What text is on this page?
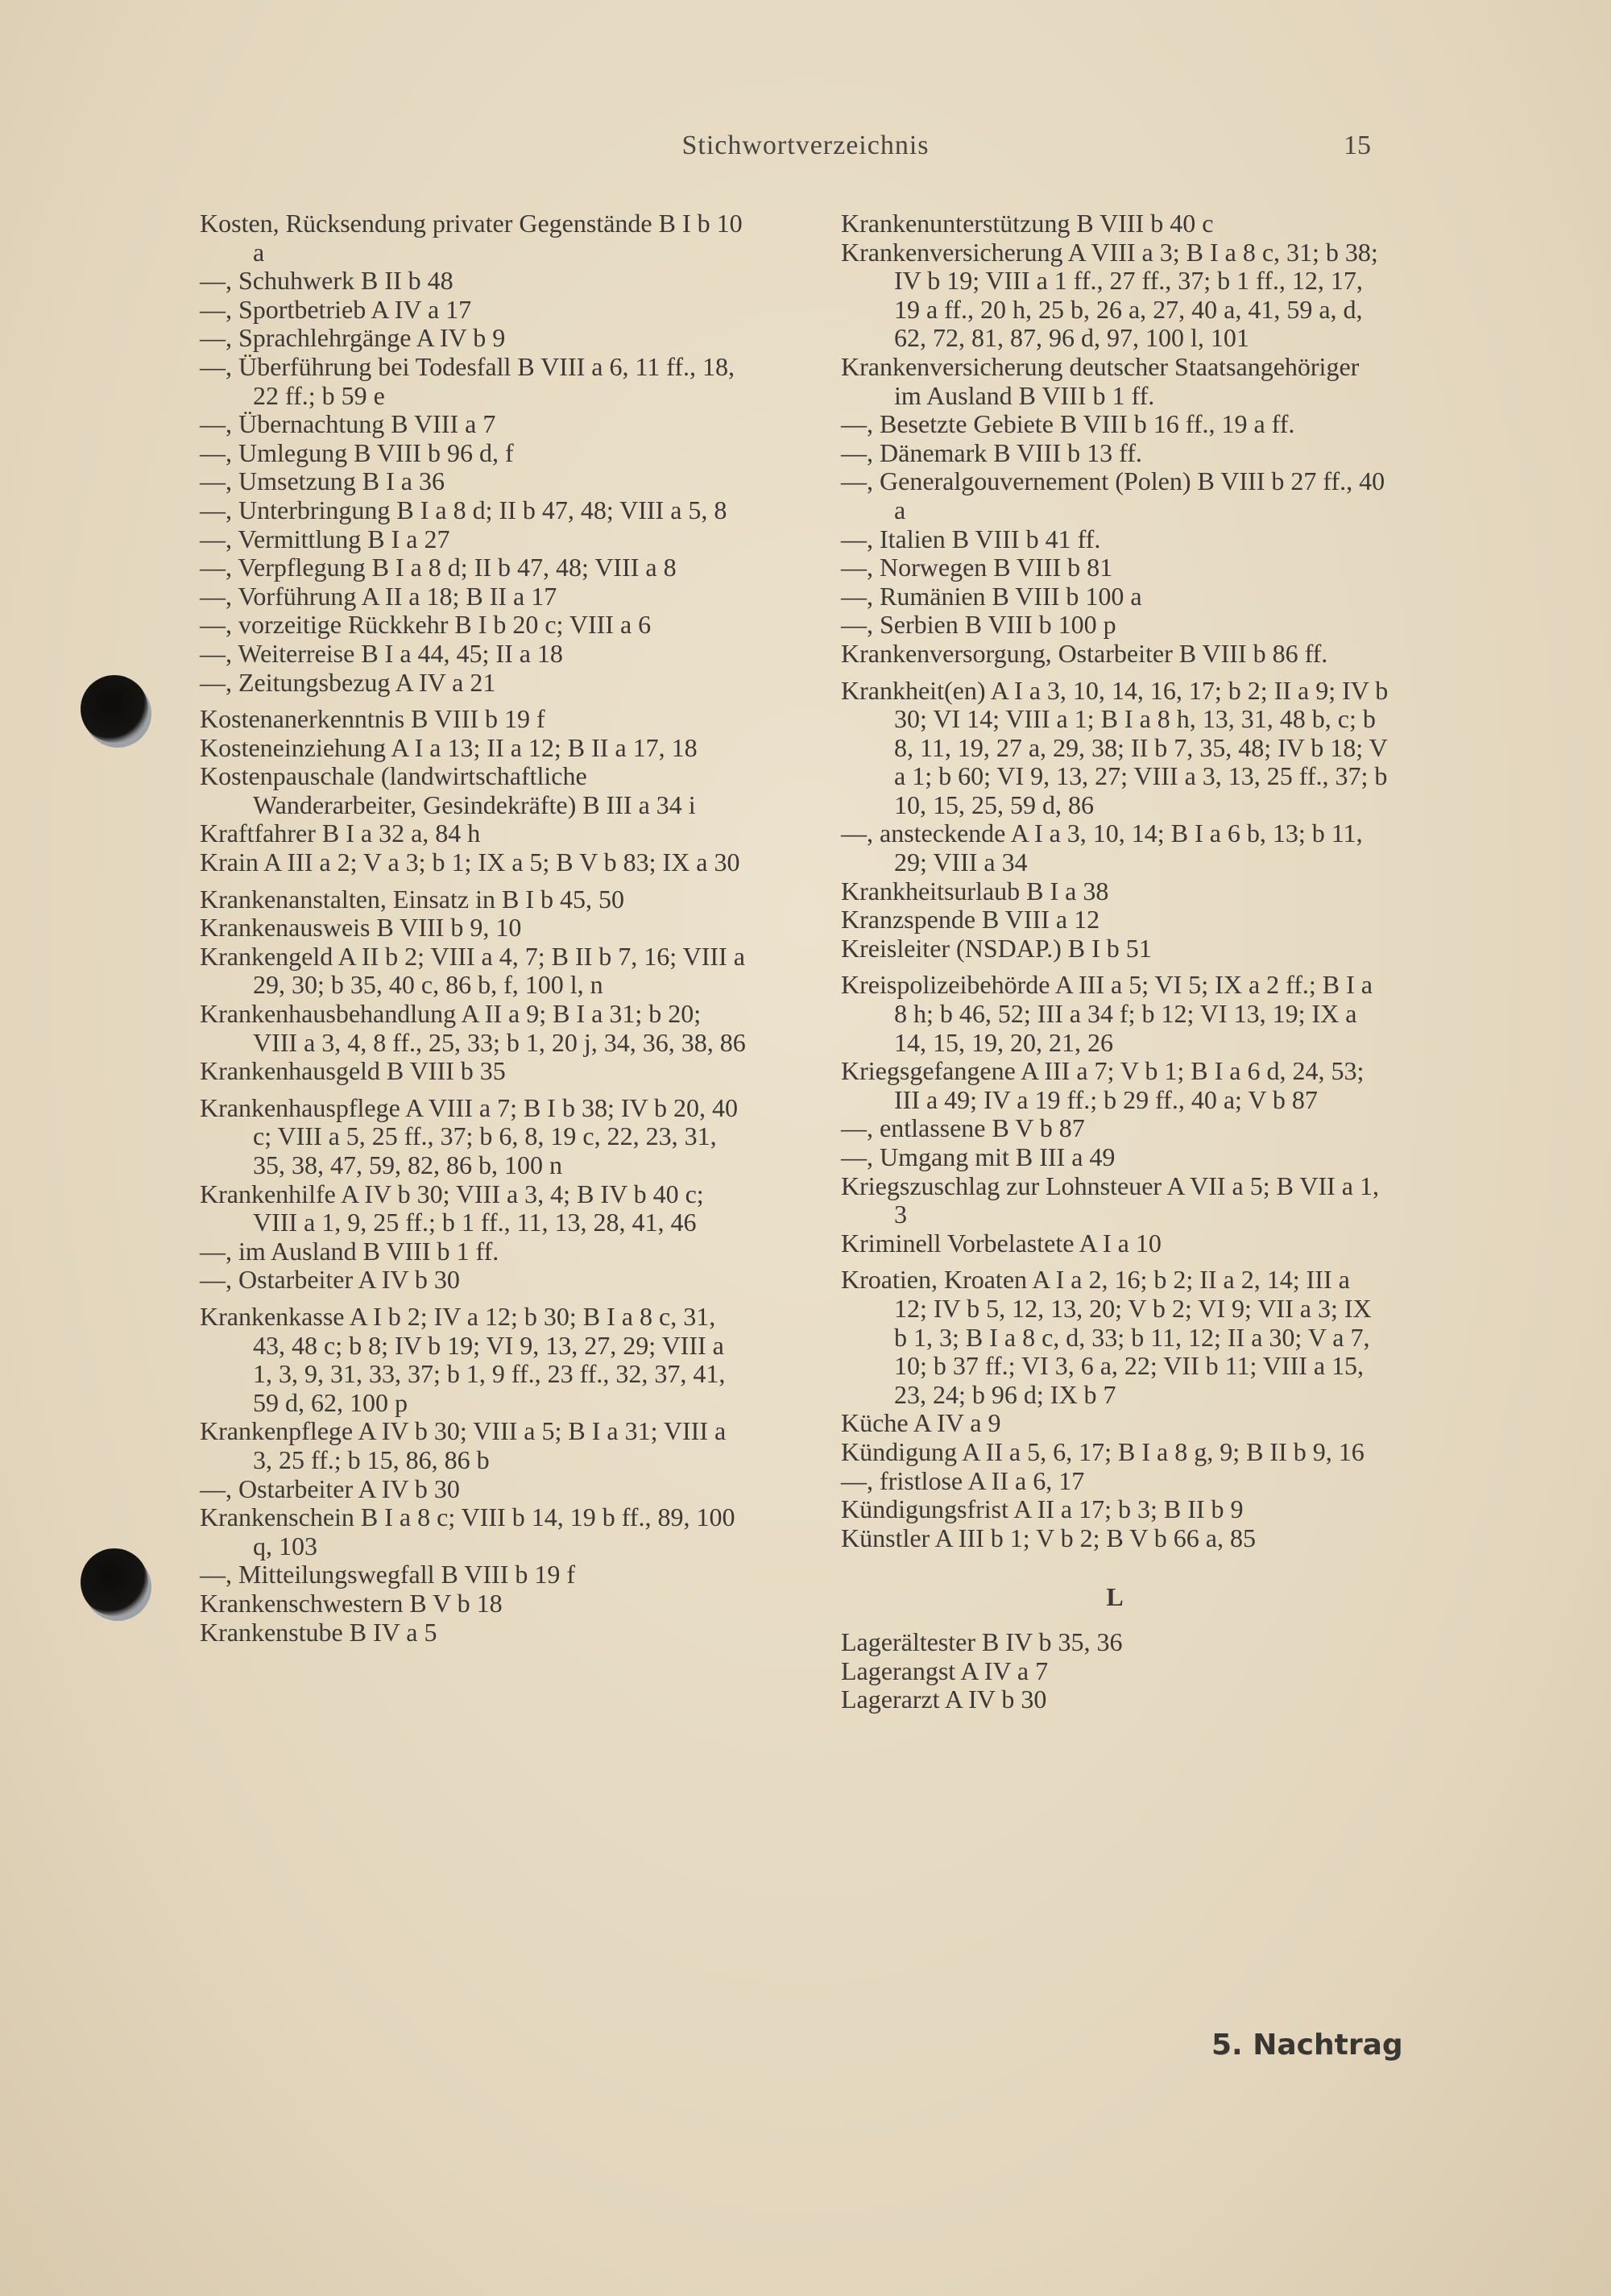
Stichwortverzeichnis	15

Kosten, Rücksendung privater Gegenstände B I b 10 a

—, Schuhwerk B II b 48

—, Sportbetrieb A IV a 17

—, Sprachlehrgänge A IV b 9

—, Überführung bei Todesfall B VIII a 6, 11 ff., 18, 22 ff.; b 59 e

—, Übernachtung B VIII a 7

—, Umlegung B VIII b 96 d, f

—, Umsetzung B I a 36

—, Unterbringung B I a 8 d; II b 47, 48; VIII a 5, 8

—, Vermittlung B I a 27

—, Verpflegung B I a 8 d; II b 47, 48; VIII a 8

—, Vorführung A II a 18; B II a 17

—, vorzeitige Rückkehr B I b 20 c; VIII a 6

—, Weiterreise B I a 44, 45; II a 18

—, Zeitungsbezug A IV a 21

Kostenanerkenntnis B VIII b 19 f

Kosteneinziehung A I a 13; II a 12; B II a 17, 18

Kostenpauschale (landwirtschaftliche Wanderarbeiter, Gesindekräfte) B III a 34 i

Kraftfahrer B I a 32 a, 84 h

Krain A III a 2; V a 3; b 1; IX a 5; B V b 83; IX a 30

Krankenanstalten, Einsatz in B I b 45, 50

Krankenausweis B VIII b 9, 10

Krankengeld A II b 2; VIII a 4, 7; B II b 7, 16; VIII a 29, 30; b 35, 40 c, 86 b, f, 100 l, n

Krankenhausbehandlung A II a 9; B I a 31; b 20; VIII a 3, 4, 8 ff., 25, 33; b 1, 20 j, 34, 36, 38, 86

Krankenhausgeld B VIII b 35

Krankenhauspflege A VIII a 7; B I b 38; IV b 20, 40 c; VIII a 5, 25 ff., 37; b 6, 8, 19 c, 22, 23, 31, 35, 38, 47, 59, 82, 86 b, 100 n

Krankenhilfe A IV b 30; VIII a 3, 4; B IV b 40 c; VIII a 1, 9, 25 ff.; b 1 ff., 11, 13, 28, 41, 46

—, im Ausland B VIII b 1 ff.

—, Ostarbeiter A IV b 30

Krankenkasse A I b 2; IV a 12; b 30; B I a 8 c, 31, 43, 48 c; b 8; IV b 19; VI 9, 13, 27, 29; VIII a 1, 3, 9, 31, 33, 37; b 1, 9 ff., 23 ff., 32, 37, 41, 59 d, 62, 100 p

Krankenpflege A IV b 30; VIII a 5; B I a 31; VIII a 3, 25 ff.; b 15, 86, 86 b

—, Ostarbeiter A IV b 30

Krankenschein B I a 8 c; VIII b 14, 19 b ff., 89, 100 q, 103

—, Mitteilungswegfall B VIII b 19 f

Krankenschwestern B V b 18

Krankenstube B IV a 5

Krankenunterstützung B VIII b 40 c

Krankenversicherung A VIII a 3; B I a 8 c, 31; b 38; IV b 19; VIII a 1 ff., 27 ff., 37; b 1 ff., 12, 17, 19 a ff., 20 h, 25 b, 26 a, 27, 40 a, 41, 59 a, d, 62, 72, 81, 87, 96 d, 97, 100 l, 101

Krankenversicherung deutscher Staatsangehöriger im Ausland B VIII b 1 ff.

—, Besetzte Gebiete B VIII b 16 ff., 19 a ff.

—, Dänemark B VIII b 13 ff.

—, Generalgouvernement (Polen) B VIII b 27 ff., 40 a

—, Italien B VIII b 41 ff.

—, Norwegen B VIII b 81

—, Rumänien B VIII b 100 a

—, Serbien B VIII b 100 p

Krankenversorgung, Ostarbeiter B VIII b 86 ff.

Krankheit(en) A I a 3, 10, 14, 16, 17; b 2; II a 9; IV b 30; VI 14; VIII a 1; B I a 8 h, 13, 31, 48 b, c; b 8, 11, 19, 27 a, 29, 38; II b 7, 35, 48; IV b 18; V a 1; b 60; VI 9, 13, 27; VIII a 3, 13, 25 ff., 37; b 10, 15, 25, 59 d, 86

—, ansteckende A I a 3, 10, 14; B I a 6 b, 13; b 11, 29; VIII a 34

Krankheitsurlaub B I a 38

Kranzspende B VIII a 12

Kreisleiter (NSDAP.) B I b 51

Kreispolizeibehörde A III a 5; VI 5; IX a 2 ff.; B I a 8 h; b 46, 52; III a 34 f; b 12; VI 13, 19; IX a 14, 15, 19, 20, 21, 26

Kriegsgefangene A III a 7; V b 1; B I a 6 d, 24, 53; III a 49; IV a 19 ff.; b 29 ff., 40 a; V b 87

—, entlassene B V b 87

—, Umgang mit B III a 49

Kriegszuschlag zur Lohnsteuer A VII a 5; B VII a 1, 3

Kriminell Vorbelastete A I a 10

Kroatien, Kroaten A I a 2, 16; b 2; II a 2, 14; III a 12; IV b 5, 12, 13, 20; V b 2; VI 9; VII a 3; IX b 1, 3; B I a 8 c, d, 33; b 11, 12; II a 30; V a 7, 10; b 37 ff.; VI 3, 6 a, 22; VII b 11; VIII a 15, 23, 24; b 96 d; IX b 7

Küche A IV a 9

Kündigung A II a 5, 6, 17; B I a 8 g, 9; B II b 9, 16

—, fristlose A II a 6, 17

Kündigungsfrist A II a 17; b 3; B II b 9

Künstler A III b 1; V b 2; B V b 66 a, 85

L

Lagerältester B IV b 35, 36

Lagerangst A IV a 7

Lagerarzt A IV b 30

5. Nachtrag
